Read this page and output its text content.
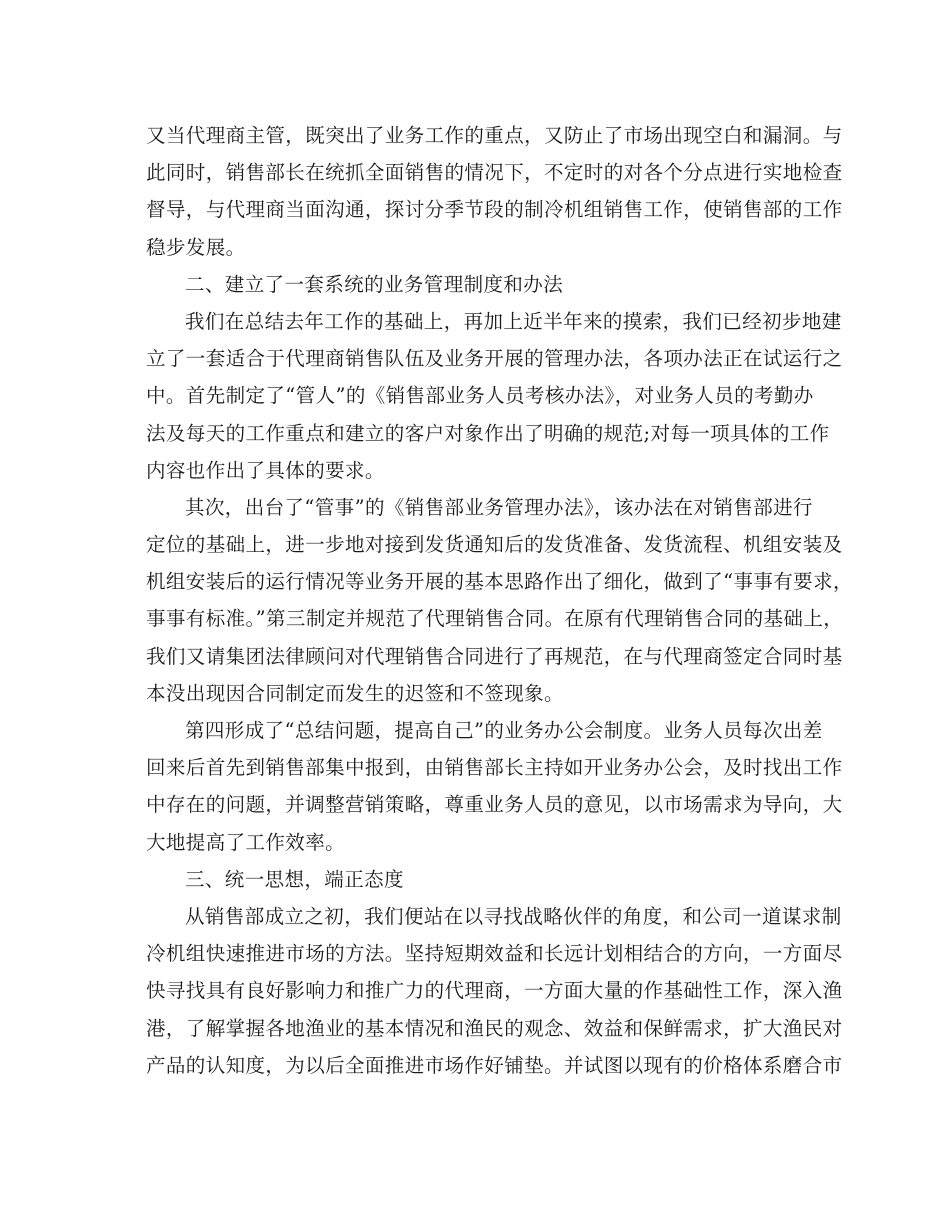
又当代理商主管，既突出了业务工作的重点，又防止了市场出现空白和漏洞。与
此同时，销售部长在统抓全面销售的情况下，不定时的对各个分点进行实地检查
督导，与代理商当面沟通，探讨分季节段的制冷机组销售工作，使销售部的工作
稳步发展。
二、建立了一套系统的业务管理制度和办法
我们在总结去年工作的基础上，再加上近半年来的摸索，我们已经初步地建
立了一套适合于代理商销售队伍及业务开展的管理办法，各项办法正在试运行之
中。首先制定了“管人”的《销售部业务人员考核办法》，对业务人员的考勤办
法及每天的工作重点和建立的客户对象作出了明确的规范;对每一项具体的工作
内容也作出了具体的要求。
其次，出台了“管事”的《销售部业务管理办法》，该办法在对销售部进行
定位的基础上，进一步地对接到发货通知后的发货准备、发货流程、机组安装及
机组安装后的运行情况等业务开展的基本思路作出了细化，做到了“事事有要求，
事事有标准。”第三制定并规范了代理销售合同。在原有代理销售合同的基础上，
我们又请集团法律顾问对代理销售合同进行了再规范，在与代理商签定合同时基
本没出现因合同制定而发生的迟签和不签现象。
第四形成了“总结问题，提高自己”的业务办公会制度。业务人员每次出差
回来后首先到销售部集中报到，由销售部长主持如开业务办公会，及时找出工作
中存在的问题，并调整营销策略，尊重业务人员的意见，以市场需求为导向，大
大地提高了工作效率。
三、统一思想，端正态度
从销售部成立之初，我们便站在以寻找战略伙伴的角度，和公司一道谋求制
冷机组快速推进市场的方法。坚持短期效益和长远计划相结合的方向，一方面尽
快寻找具有良好影响力和推广力的代理商，一方面大量的作基础性工作，深入渔
港，了解掌握各地渔业的基本情况和渔民的观念、效益和保鲜需求，扩大渔民对
产品的认知度，为以后全面推进市场作好铺垫。并试图以现有的价格体系磨合市
